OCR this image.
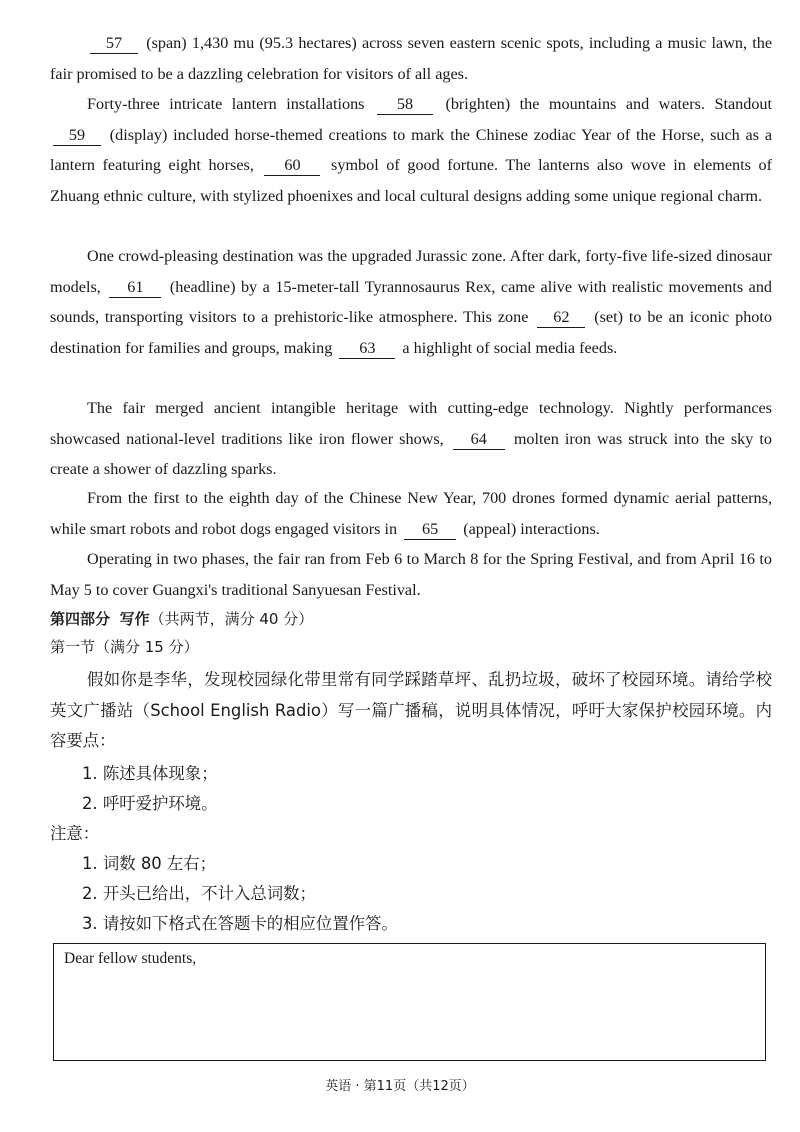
57 (span) 1,430 mu (95.3 hectares) across seven eastern scenic spots, including a music lawn, the fair promised to be a dazzling celebration for visitors of all ages.

Forty-three intricate lantern installations 58 (brighten) the mountains and waters. Standout 59 (display) included horse-themed creations to mark the Chinese zodiac Year of the Horse, such as a lantern featuring eight horses, 60 symbol of good fortune. The lanterns also wove in elements of Zhuang ethnic culture, with stylized phoenixes and local cultural designs adding some unique regional charm.

One crowd-pleasing destination was the upgraded Jurassic zone. After dark, forty-five life-sized dinosaur models, 61 (headline) by a 15-meter-tall Tyrannosaurus Rex, came alive with realistic movements and sounds, transporting visitors to a prehistoric-like atmosphere. This zone 62 (set) to be an iconic photo destination for families and groups, making 63 a highlight of social media feeds.

The fair merged ancient intangible heritage with cutting-edge technology. Nightly performances showcased national-level traditions like iron flower shows, 64 molten iron was struck into the sky to create a shower of dazzling sparks.

From the first to the eighth day of the Chinese New Year, 700 drones formed dynamic aerial patterns, while smart robots and robot dogs engaged visitors in 65 (appeal) interactions.

Operating in two phases, the fair ran from Feb 6 to March 8 for the Spring Festival, and from April 16 to May 5 to cover Guangxi's traditional Sanyuesan Festival.

第四部分 写作（共两节，满分 40 分）

第一节（满分 15 分）

假如你是李华，发现校园绿化带里常有同学踩踏草坪、乱扔垃圾，破坏了校园环境。请给学校英文广播站（School English Radio）写一篇广播稿，说明具体情况，呼吁大家保护校园环境。内容要点：

1. 陈述具体现象；

2. 呼吁爱护环境。

注意：

1. 词数 80 左右；

2. 开头已给出，不计入总词数；

3. 请按如下格式在答题卡的相应位置作答。

Dear fellow students,
英语 · 第11页（共12页）
